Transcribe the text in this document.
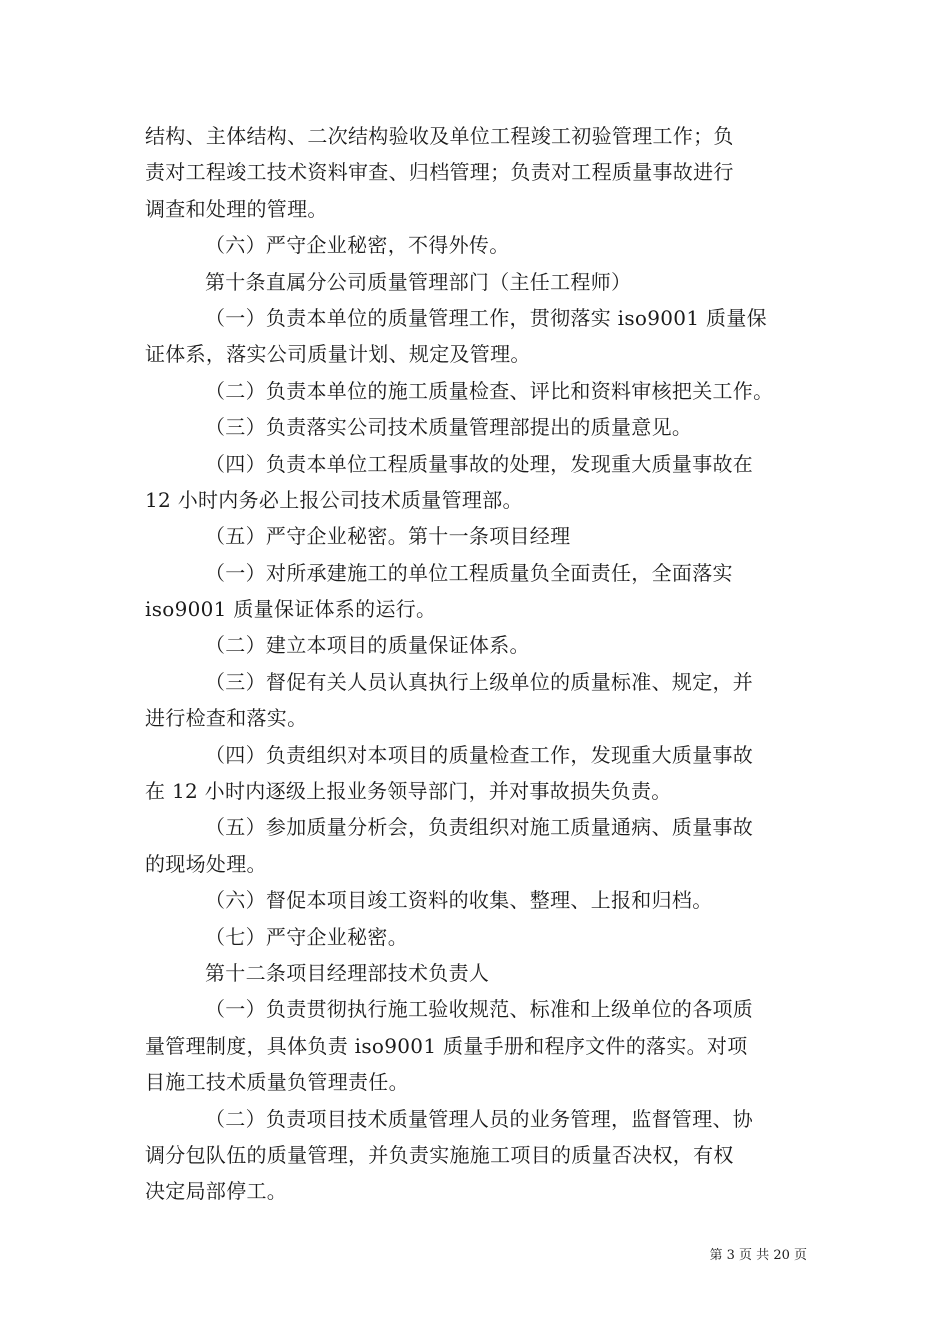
结构、主体结构、二次结构验收及单位工程竣工初验管理工作；负
责对工程竣工技术资料审查、归档管理；负责对工程质量事故进行
调查和处理的管理。
（六）严守企业秘密，不得外传。
第十条直属分公司质量管理部门（主任工程师）
（一）负责本单位的质量管理工作，贯彻落实 iso9001 质量保
证体系，落实公司质量计划、规定及管理。
（二）负责本单位的施工质量检查、评比和资料审核把关工作。
（三）负责落实公司技术质量管理部提出的质量意见。
（四）负责本单位工程质量事故的处理，发现重大质量事故在
12 小时内务必上报公司技术质量管理部。
（五）严守企业秘密。第十一条项目经理
（一）对所承建施工的单位工程质量负全面责任，全面落实
iso9001 质量保证体系的运行。
（二）建立本项目的质量保证体系。
（三）督促有关人员认真执行上级单位的质量标准、规定，并
进行检查和落实。
（四）负责组织对本项目的质量检查工作，发现重大质量事故
在 12 小时内逐级上报业务领导部门，并对事故损失负责。
（五）参加质量分析会，负责组织对施工质量通病、质量事故
的现场处理。
（六）督促本项目竣工资料的收集、整理、上报和归档。
（七）严守企业秘密。
第十二条项目经理部技术负责人
（一）负责贯彻执行施工验收规范、标准和上级单位的各项质
量管理制度，具体负责 iso9001 质量手册和程序文件的落实。对项
目施工技术质量负管理责任。
（二）负责项目技术质量管理人员的业务管理，监督管理、协
调分包队伍的质量管理，并负责实施施工项目的质量否决权，有权
决定局部停工。
第 3 页 共 20 页
